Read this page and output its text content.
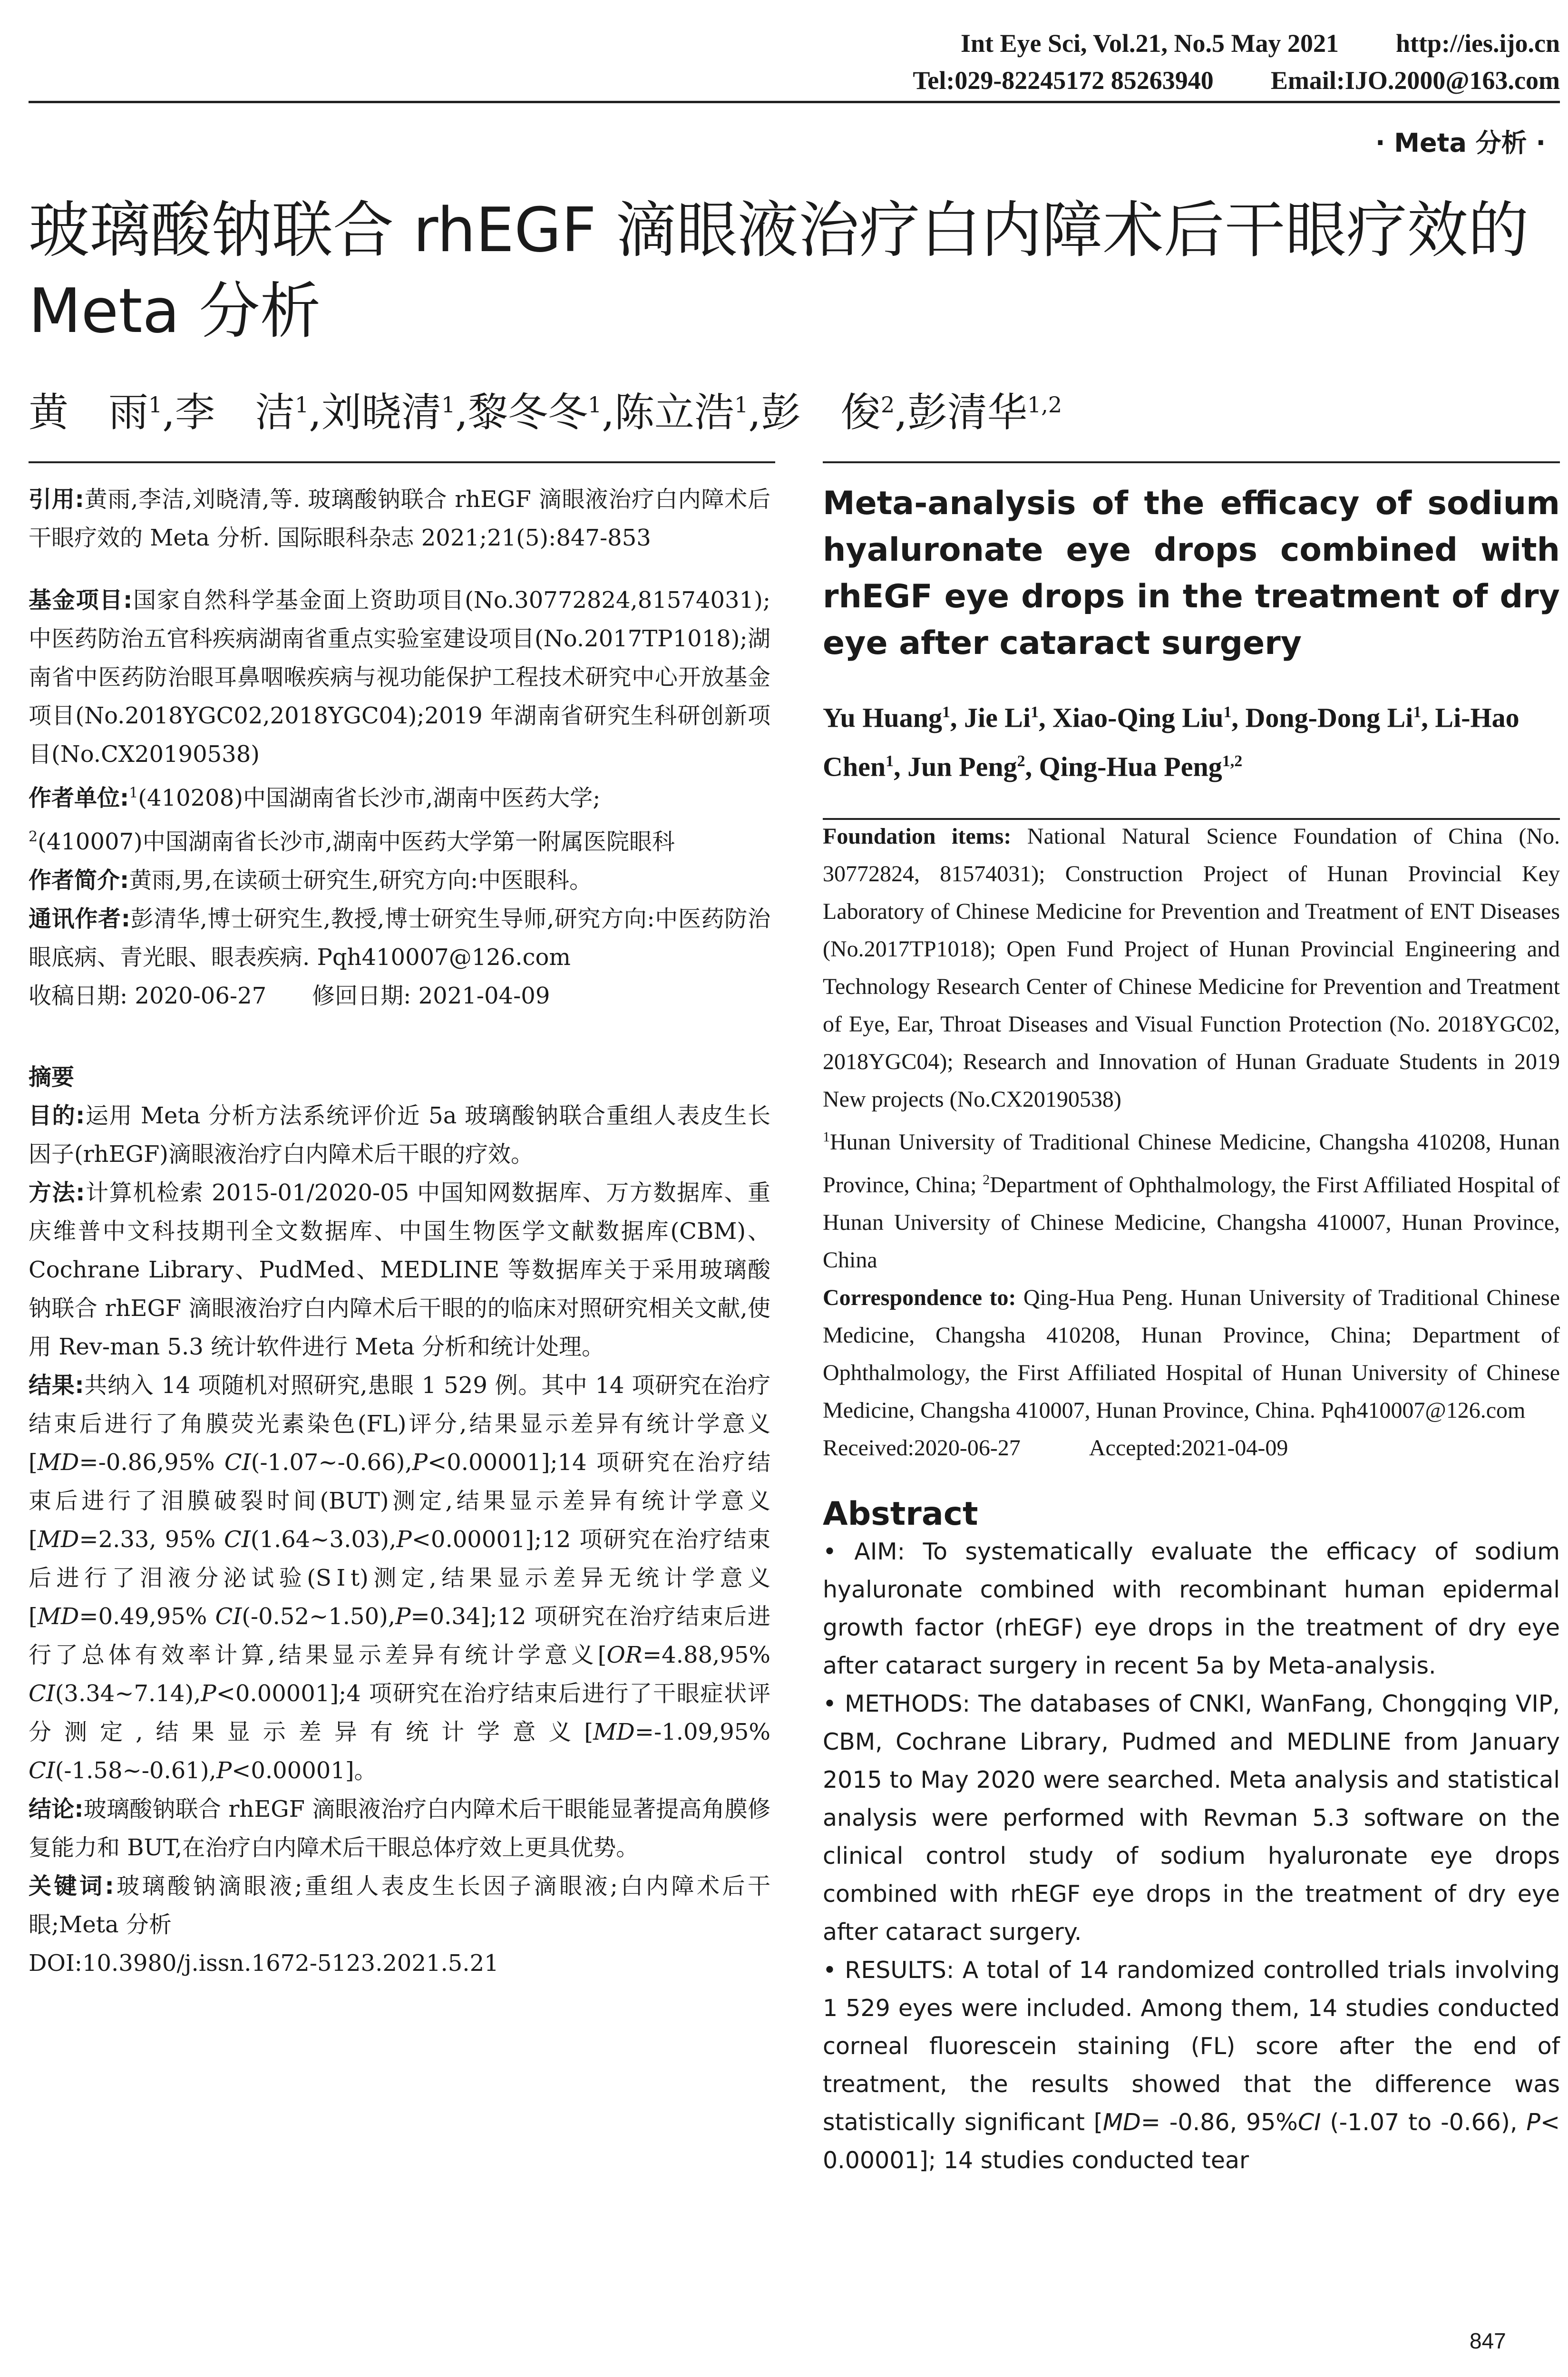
Int Eye Sci, Vol.21, No.5 May 2021 http://ies.ijo.cn
Tel:029-82245172 85263940 Email:IJO.2000@163.com
· Meta 分析 ·
玻璃酸钠联合 rhEGF 滴眼液治疗白内障术后干眼疗效的 Meta 分析
黄　雨$^1$,李　洁$^1$,刘晓清$^1$,黎冬冬$^1$,陈立浩$^1$,彭　俊$^2$,彭清华$^{1,2}$

引用:黄雨,李洁,刘晓清,等. 玻璃酸钠联合 rhEGF 滴眼液治疗白内障术后干眼疗效的 Meta 分析. 国际眼科杂志 2021;21(5):847-853

基金项目:国家自然科学基金面上资助项目(No.30772824,81574031);中医药防治五官科疾病湖南省重点实验室建设项目(No.2017TP1018);湖南省中医药防治眼耳鼻咽喉疾病与视功能保护工程技术研究中心开放基金项目(No.2018YGC02,2018YGC04);2019 年湖南省研究生科研创新项目(No.CX20190538)

作者单位:$^1$(410208)中国湖南省长沙市,湖南中医药大学;
$^2$(410007)中国湖南省长沙市,湖南中医药大学第一附属医院眼科

作者简介:黄雨,男,在读硕士研究生,研究方向:中医眼科。

通讯作者:彭清华,博士研究生,教授,博士研究生导师,研究方向:中医药防治眼底病、青光眼、眼表疾病. Pqh410007@126.com

收稿日期: 2020-06-27　　修回日期: 2021-04-09

摘要

目的:运用 Meta 分析方法系统评价近 5a 玻璃酸钠联合重组人表皮生长因子(rhEGF)滴眼液治疗白内障术后干眼的疗效。

方法:计算机检索 2015-01/2020-05 中国知网数据库、万方数据库、重庆维普中文科技期刊全文数据库、中国生物医学文献数据库(CBM)、Cochrane Library、PudMed、MEDLINE 等数据库关于采用玻璃酸钠联合 rhEGF 滴眼液治疗白内障术后干眼的的临床对照研究相关文献,使用 Rev-man 5.3 统计软件进行 Meta 分析和统计处理。

结果:共纳入 14 项随机对照研究,患眼 1 529 例。其中 14 项研究在治疗结束后进行了角膜荧光素染色(FL)评分,结果显示差异有统计学意义[MD=-0.86,95% CI(-1.07~-0.66),P<0.00001];14 项研究在治疗结束后进行了泪膜破裂时间(BUT)测定,结果显示差异有统计学意义[MD=2.33, 95% CI(1.64~3.03),P<0.00001];12 项研究在治疗结束后进行了泪液分泌试验(SⅠt)测定,结果显示差异无统计学意义[MD=0.49,95% CI(-0.52~1.50),P=0.34];12 项研究在治疗结束后进行了总体有效率计算,结果显示差异有统计学意义[OR=4.88,95% CI(3.34~7.14),P<0.00001];4 项研究在治疗结束后进行了干眼症状评分测定,结果显示差异有统计学意义[MD=-1.09,95% CI(-1.58~-0.61),P<0.00001]。

结论:玻璃酸钠联合 rhEGF 滴眼液治疗白内障术后干眼能显著提高角膜修复能力和 BUT,在治疗白内障术后干眼总体疗效上更具优势。

关键词:玻璃酸钠滴眼液;重组人表皮生长因子滴眼液;白内障术后干眼;Meta 分析

DOI:10.3980/j.issn.1672-5123.2021.5.21

Meta-analysis of the efficacy of sodium hyaluronate eye drops combined with rhEGF eye drops in the treatment of dry eye after cataract surgery

Yu Huang$^1$, Jie Li$^1$, Xiao-Qing Liu$^1$, Dong-Dong Li$^1$, Li-Hao Chen$^1$, Jun Peng$^2$, Qing-Hua Peng$^{1,2}$

Foundation items: National Natural Science Foundation of China (No. 30772824, 81574031); Construction Project of Hunan Provincial Key Laboratory of Chinese Medicine for Prevention and Treatment of ENT Diseases (No.2017TP1018); Open Fund Project of Hunan Provincial Engineering and Technology Research Center of Chinese Medicine for Prevention and Treatment of Eye, Ear, Throat Diseases and Visual Function Protection (No. 2018YGC02, 2018YGC04); Research and Innovation of Hunan Graduate Students in 2019 New projects (No.CX20190538)

$^1$Hunan University of Traditional Chinese Medicine, Changsha 410208, Hunan Province, China; $^2$Department of Ophthalmology, the First Affiliated Hospital of Hunan University of Chinese Medicine, Changsha 410007, Hunan Province, China

Correspondence to: Qing-Hua Peng. Hunan University of Traditional Chinese Medicine, Changsha 410208, Hunan Province, China; Department of Ophthalmology, the First Affiliated Hospital of Hunan University of Chinese Medicine, Changsha 410007, Hunan Province, China. Pqh410007@126.com

Received:2020-06-27　　　Accepted:2021-04-09

Abstract

• AIM: To systematically evaluate the efficacy of sodium hyaluronate combined with recombinant human epidermal growth factor (rhEGF) eye drops in the treatment of dry eye after cataract surgery in recent 5a by Meta-analysis.

• METHODS: The databases of CNKI, WanFang, Chongqing VIP, CBM, Cochrane Library, Pudmed and MEDLINE from January 2015 to May 2020 were searched. Meta analysis and statistical analysis were performed with Revman 5.3 software on the clinical control study of sodium hyaluronate eye drops combined with rhEGF eye drops in the treatment of dry eye after cataract surgery.

• RESULTS: A total of 14 randomized controlled trials involving 1 529 eyes were included. Among them, 14 studies conducted corneal fluorescein staining (FL) score after the end of treatment, the results showed that the difference was statistically significant [MD= -0.86, 95%CI (-1.07 to -0.66), P< 0.00001]; 14 studies conducted tear

847
